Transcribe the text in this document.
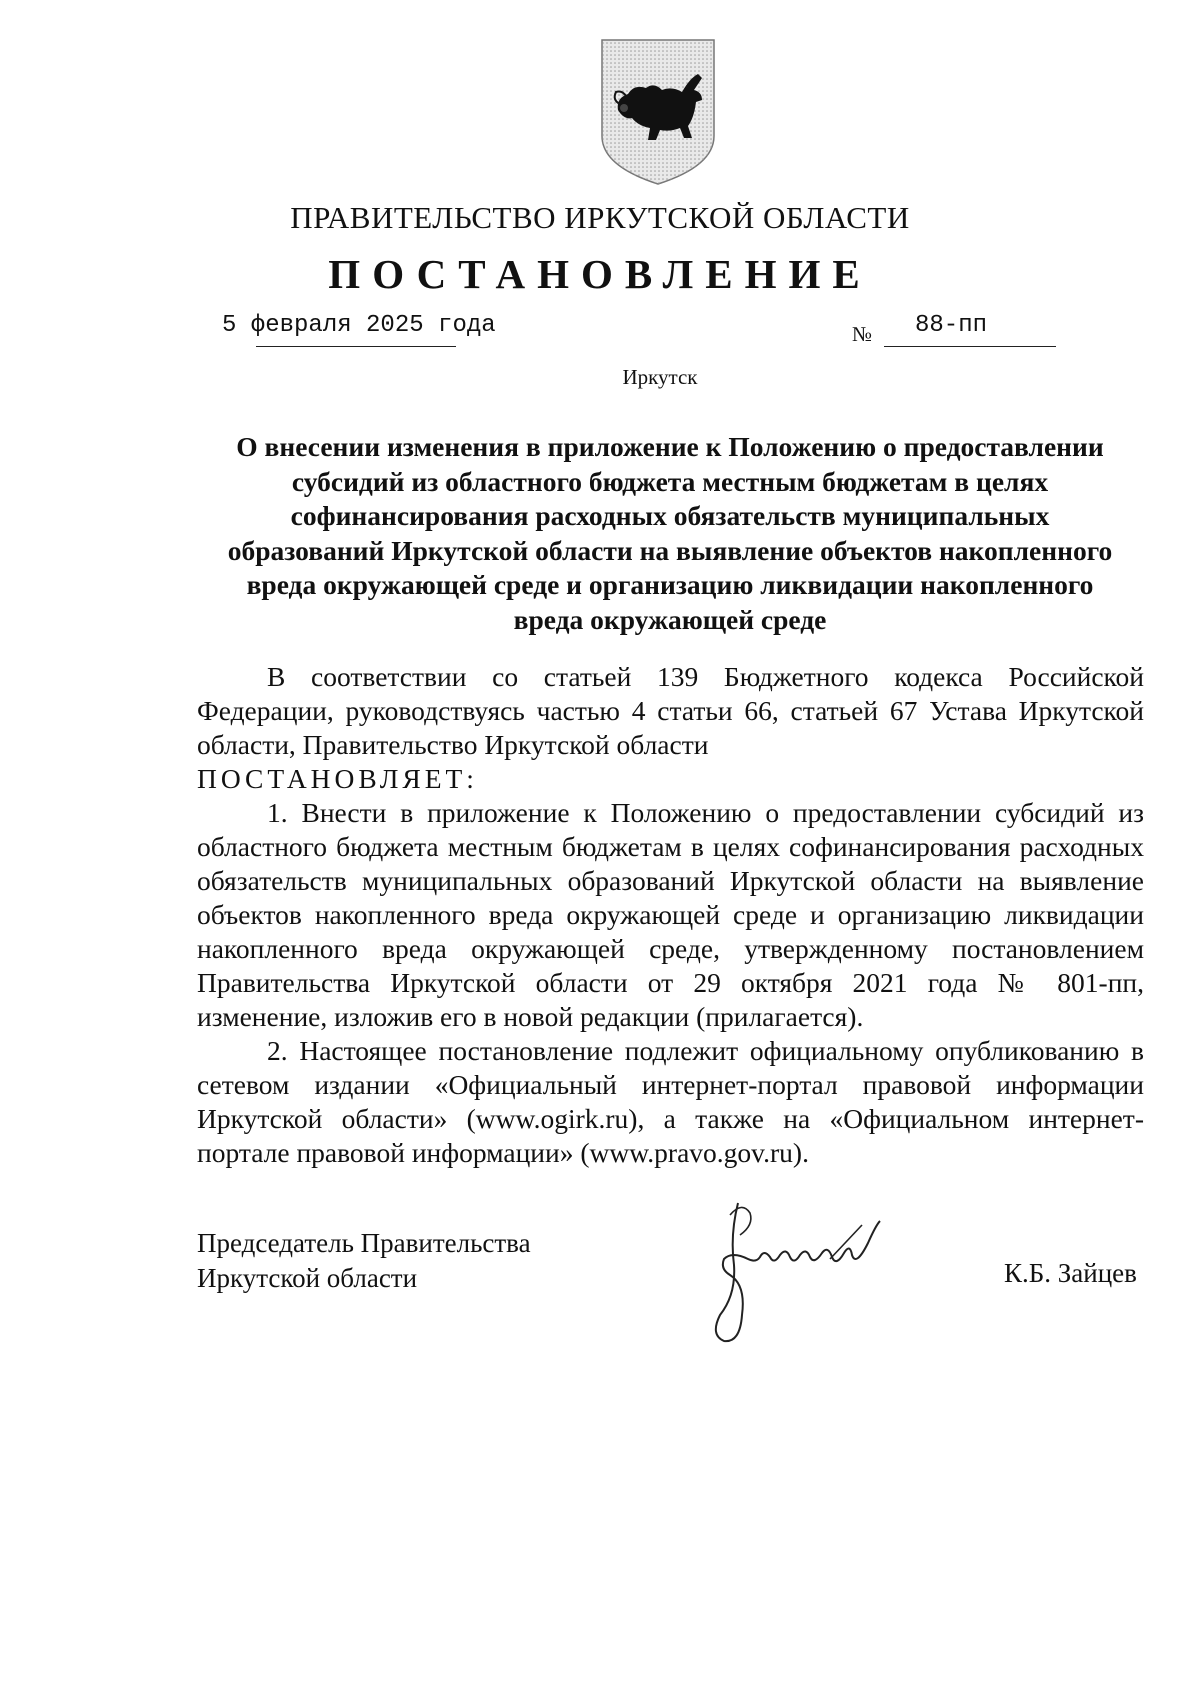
ПРАВИТЕЛЬСТВО ИРКУТСКОЙ ОБЛАСТИ
ПОСТАНОВЛЕНИЕ
5 февраля 2025 года	№ 88-пп
Иркутск
О внесении изменения в приложение к Положению о предоставлении субсидий из областного бюджета местным бюджетам в целях софинансирования расходных обязательств муниципальных образований Иркутской области на выявление объектов накопленного вреда окружающей среде и организацию ликвидации накопленного вреда окружающей среде

В соответствии со статьей 139 Бюджетного кодекса Российской Федерации, руководствуясь частью 4 статьи 66, статьей 67 Устава Иркутской области, Правительство Иркутской области

ПОСТАНОВЛЯЕТ:

1. Внести в приложение к Положению о предоставлении субсидий из областного бюджета местным бюджетам в целях софинансирования расходных обязательств муниципальных образований Иркутской области на выявление объектов накопленного вреда окружающей среде и организацию ликвидации накопленного вреда окружающей среде, утвержденному постановлением Правительства Иркутской области от 29 октября 2021 года № 801-пп, изменение, изложив его в новой редакции (прилагается).

2. Настоящее постановление подлежит официальному опубликованию в сетевом издании «Официальный интернет-портал правовой информации Иркутской области» (www.ogirk.ru), а также на «Официальном интернет-портале правовой информации» (www.pravo.gov.ru).

Председатель Правительства
Иркутской области	К.Б. Зайцев
